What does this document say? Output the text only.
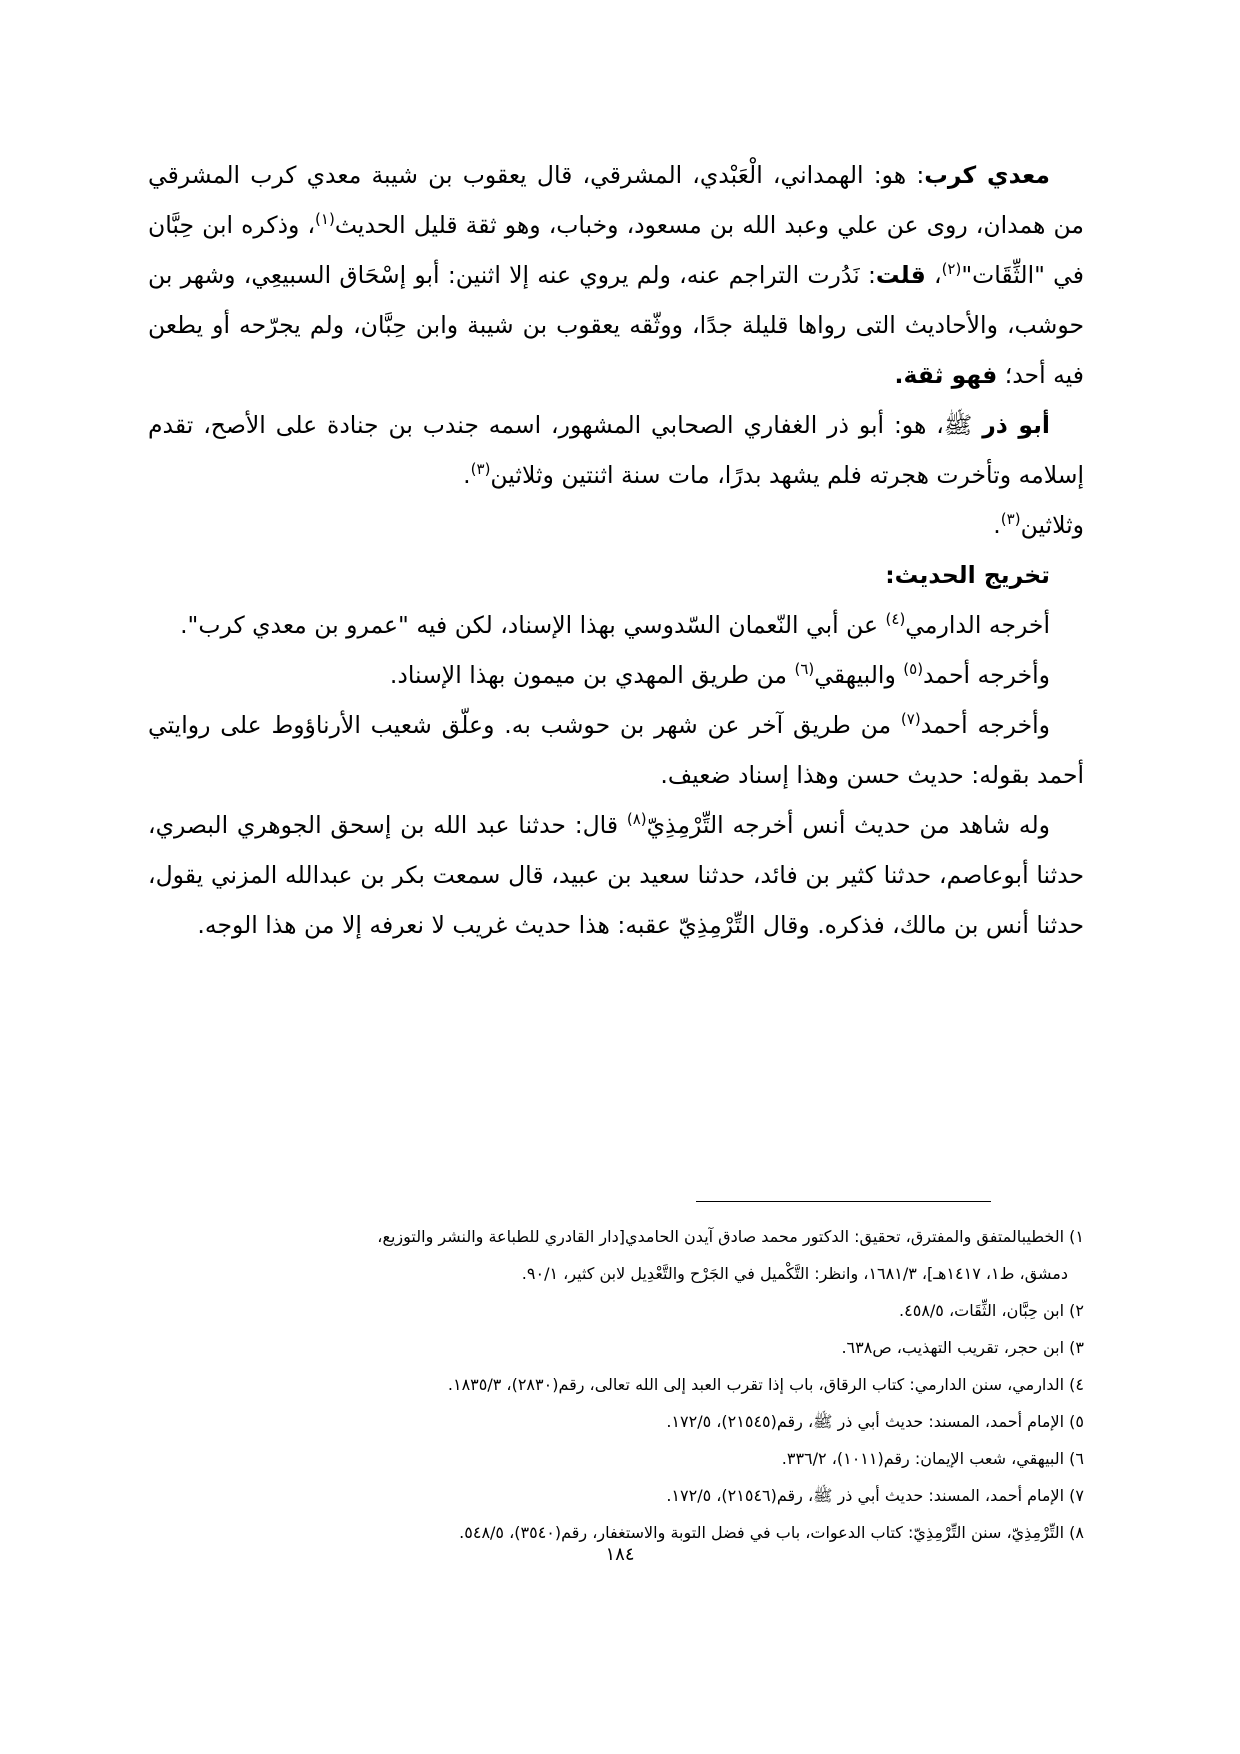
معدي كرب: هو: الهمداني، الْعَبْدي، المشرقي، قال يعقوب بن شيبة معدي كرب المشرقي من همدان، روى عن علي وعبد الله بن مسعود، وخباب، وهو ثقة قليل الحديث$^{(١)}$، وذكره ابن حِبَّان في "الثِّقَات"$^{(٢)}$، قلت: نَدُرت التراجم عنه، ولم يروي عنه إلا اثنين: أبو إسْحَاق السبيعِي، وشهر بن حوشب، والأحاديث التى رواها قليلة جدًا، ووثّقه يعقوب بن شيبة وابن حِبَّان، ولم يجرّحه أو يطعن فيه أحد؛ فهو ثقة.

أبو ذر ﷺ، هو: أبو ذر الغفاري الصحابي المشهور، اسمه جندب بن جنادة على الأصح، تقدم إسلامه وتأخرت هجرته فلم يشهد بدرًا، مات سنة اثنتين وثلاثين$^{(٣)}$.

وثلاثين$^{(٣)}$.

تخريج الحديث:

أخرجه الدارمي$^{(٤)}$ عن أبي النّعمان السّدوسي بهذا الإسناد، لكن فيه "عمرو بن معدي كرب".

وأخرجه أحمد$^{(٥)}$ والبيهقي$^{(٦)}$ من طريق المهدي بن ميمون بهذا الإسناد.

وأخرجه أحمد$^{(٧)}$ من طريق آخر عن شهر بن حوشب به. وعلّق شعيب الأرناؤوط على روايتي أحمد بقوله: حديث حسن وهذا إسناد ضعيف.

وله شاهد من حديث أنس أخرجه التِّرْمِذِيّ$^{(٨)}$ قال: حدثنا عبد الله بن إسحق الجوهري البصري، حدثنا أبوعاصم، حدثنا كثير بن فائد، حدثنا سعيد بن عبيد، قال سمعت بكر بن عبدالله المزني يقول، حدثنا أنس بن مالك، فذكره. وقال التِّرْمِذِيّ عقبه: هذا حديث غريب لا نعرفه إلا من هذا الوجه.

١) الخطيبالمتفق والمفترق، تحقيق: الدكتور محمد صادق آيدن الحامدي[دار القادري للطباعة والنشر والتوزيع،

دمشق، ط١، ١٤١٧هـ]، ١٦٨١/٣، وانظر: التَّكْميل في الجَرْح والتَّعْدِيل لابن كثير، ٩٠/١.

٢) ابن حِبَّان، الثِّقَات، ٤٥٨/٥.

٣) ابن حجر، تقريب التهذيب، ص٦٣٨.

٤) الدارمي، سنن الدارمي: كتاب الرقاق، باب إذا تقرب العبد إلى الله تعالى، رقم(٢٨٣٠)، ١٨٣٥/٣.

٥) الإمام أحمد، المسند: حديث أبي ذر ﷺ، رقم(٢١٥٤٥)، ١٧٢/٥.

٦) البيهقي، شعب الإيمان: رقم(١٠١١)، ٣٣٦/٢.

٧) الإمام أحمد، المسند: حديث أبي ذر ﷺ، رقم(٢١٥٤٦)، ١٧٢/٥.

٨) التِّرْمِذِيّ، سنن التِّرْمِذِيّ: كتاب الدعوات، باب في فضل التوبة والاستغفار، رقم(٣٥٤٠)، ٥٤٨/٥.

١٨٤
